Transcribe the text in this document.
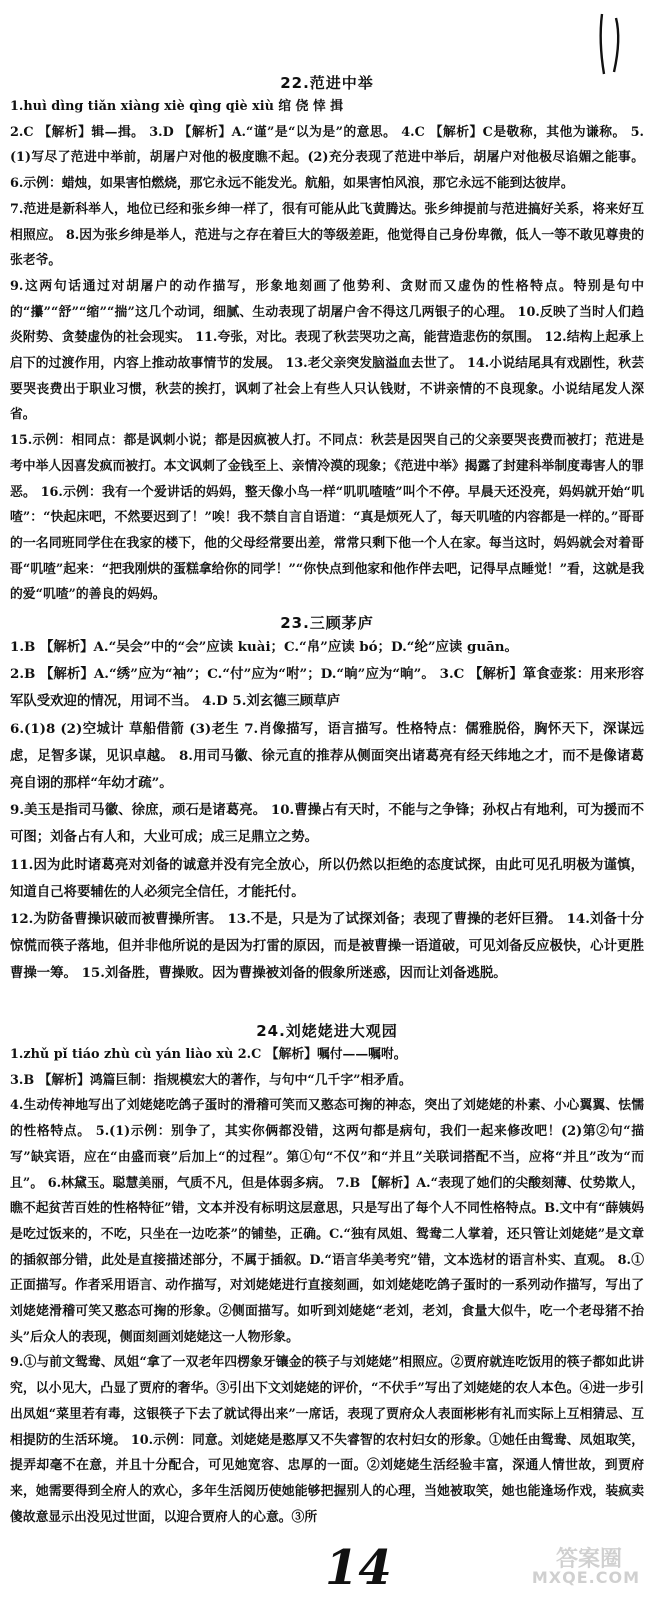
22.范进中举
1.huì dìng tiǎn xiàng xiè qìng qiè xiù 绾 侥 悻 揖
2.C 【解析】辑—揖。 3.D 【解析】A.“谨”是“以为是”的意思。 4.C 【解析】C是敬称，其他为谦称。 5.(1)写尽了范进中举前，胡屠户对他的极度瞧不起。(2)充分表现了范进中举后，胡屠户对他极尽谄媚之能事。 6.示例：蜡烛，如果害怕燃烧，那它永远不能发光。航船，如果害怕风浪，那它永远不能到达彼岸。
7.范进是新科举人，地位已经和张乡绅一样了，很有可能从此飞黄腾达。张乡绅提前与范进搞好关系，将来好互相照应。 8.因为张乡绅是举人，范进与之存在着巨大的等级差距，他觉得自己身份卑微，低人一等不敢见尊贵的张老爷。
9.这两句话通过对胡屠户的动作描写，形象地刻画了他势利、贪财而又虚伪的性格特点。特别是句中的“攥”“舒”“缩”“揣”这几个动词，细腻、生动表现了胡屠户舍不得这几两银子的心理。 10.反映了当时人们趋炎附势、贪婪虚伪的社会现实。 11.夸张，对比。表现了秋芸哭功之高，能营造悲伤的氛围。 12.结构上起承上启下的过渡作用，内容上推动故事情节的发展。 13.老父亲突发脑溢血去世了。 14.小说结尾具有戏剧性，秋芸要哭丧费出于职业习惯，秋芸的挨打，讽刺了社会上有些人只认钱财，不讲亲情的不良现象。小说结尾发人深省。
15.示例：相同点：都是讽刺小说；都是因疯被人打。不同点：秋芸是因哭自己的父亲要哭丧费而被打；范进是考中举人因喜发疯而被打。本文讽刺了金钱至上、亲情冷漠的现象；《范进中举》揭露了封建科举制度毒害人的罪恶。 16.示例：我有一个爱讲话的妈妈，整天像小鸟一样“叽叽喳喳”叫个不停。早晨天还没亮，妈妈就开始“叽喳”：“快起床吧，不然要迟到了！”唉！我不禁自言自语道：“真是烦死人了，每天叽喳的内容都是一样的。”哥哥的一名同班同学住在我家的楼下，他的父母经常要出差，常常只剩下他一个人在家。每当这时，妈妈就会对着哥哥“叽喳”起来：“把我刚烘的蛋糕拿给你的同学！”“你快点到他家和他作伴去吧，记得早点睡觉！”看，这就是我的爱“叽喳”的善良的妈妈。
23.三顾茅庐
1.B 【解析】A.“吴会”中的“会”应读 kuài；C.“帛”应读 bó；D.“纶”应读 guān。
2.B 【解析】A.“绣”应为“袖”；C.“付”应为“咐”；D.“晌”应为“晌”。 3.C 【解析】箪食壶浆：用来形容军队受欢迎的情况，用词不当。 4.D 5.刘玄德三顾草庐
6.(1)8 (2)空城计 草船借箭 (3)老生 7.肖像描写，语言描写。性格特点：儒雅脱俗，胸怀天下，深谋远虑，足智多谋，见识卓越。 8.用司马徽、徐元直的推荐从侧面突出诸葛亮有经天纬地之才，而不是像诸葛亮自诩的那样“年幼才疏”。
9.美玉是指司马徽、徐庶，顽石是诸葛亮。 10.曹操占有天时，不能与之争锋；孙权占有地利，可为援而不可图；刘备占有人和，大业可成；成三足鼎立之势。
11.因为此时诸葛亮对刘备的诚意并没有完全放心，所以仍然以拒绝的态度试探，由此可见孔明极为谨慎，知道自己将要辅佐的人必须完全信任，才能托付。
12.为防备曹操识破而被曹操所害。 13.不是，只是为了试探刘备；表现了曹操的老奸巨猾。 14.刘备十分惊慌而筷子落地，但并非他所说的是因为打雷的原因，而是被曹操一语道破，可见刘备反应极快，心计更胜曹操一筹。 15.刘备胜，曹操败。因为曹操被刘备的假象所迷惑，因而让刘备逃脱。
24.刘姥姥进大观园
1.zhǔ pǐ tiáo zhù cù yán liào xù 2.C 【解析】嘱付——嘱咐。
3.B 【解析】鸿篇巨制：指规模宏大的著作，与句中“几千字”相矛盾。
4.生动传神地写出了刘姥姥吃鸽子蛋时的滑稽可笑而又憨态可掬的神态，突出了刘姥姥的朴素、小心翼翼、怯懦的性格特点。 5.(1)示例：别争了，其实你俩都没错，这两句都是病句，我们一起来修改吧！(2)第②句“描写”缺宾语，应在“由盛而衰”后加上“的过程”。第①句“不仅”和“并且”关联词搭配不当，应将“并且”改为“而且”。 6.林黛玉。聪慧美丽，气质不凡，但是体弱多病。 7.B 【解析】A.“表现了她们的尖酸刻薄、仗势欺人，瞧不起贫苦百姓的性格特征”错，文本并没有标明这层意思，只是写出了每个人不同性格特点。B.文中有“薛姨妈是吃过饭来的，不吃，只坐在一边吃茶”的铺垫，正确。C.“独有凤姐、鸳鸯二人掌着，还只管让刘姥姥”是文章的插叙部分错，此处是直接描述部分，不属于插叙。D.“语言华美考究”错，文本选材的语言朴实、直观。 8.①正面描写。作者采用语言、动作描写，对刘姥姥进行直接刻画，如刘姥姥吃鸽子蛋时的一系列动作描写，写出了刘姥姥滑稽可笑又憨态可掬的形象。②侧面描写。如听到刘姥姥“老刘，老刘，食量大似牛，吃一个老母猪不抬头”后众人的表现，侧面刻画刘姥姥这一人物形象。
9.①与前文鸳鸯、凤姐“拿了一双老年四楞象牙镶金的筷子与刘姥姥”相照应。②贾府就连吃饭用的筷子都如此讲究，以小见大，凸显了贾府的奢华。③引出下文刘姥姥的评价，“不伏手”写出了刘姥姥的农人本色。④进一步引出凤姐“菜里若有毒，这银筷子下去了就试得出来”一席话，表现了贾府众人表面彬彬有礼而实际上互相猜忌、互相提防的生活环境。 10.示例：同意。刘姥姥是憨厚又不失睿智的农村妇女的形象。①她任由鸳鸯、凤姐取笑，提弄却毫不在意，并且十分配合，可见她宽容、忠厚的一面。②刘姥姥生活经验丰富，深通人情世故，到贾府来，她需要得到全府人的欢心，多年生活阅历使她能够把握别人的心理，当她被取笑，她也能逢场作戏，装疯卖傻故意显示出没见过世面，以迎合贾府人的心意。③所
14	答案圈
MXQE.COM
